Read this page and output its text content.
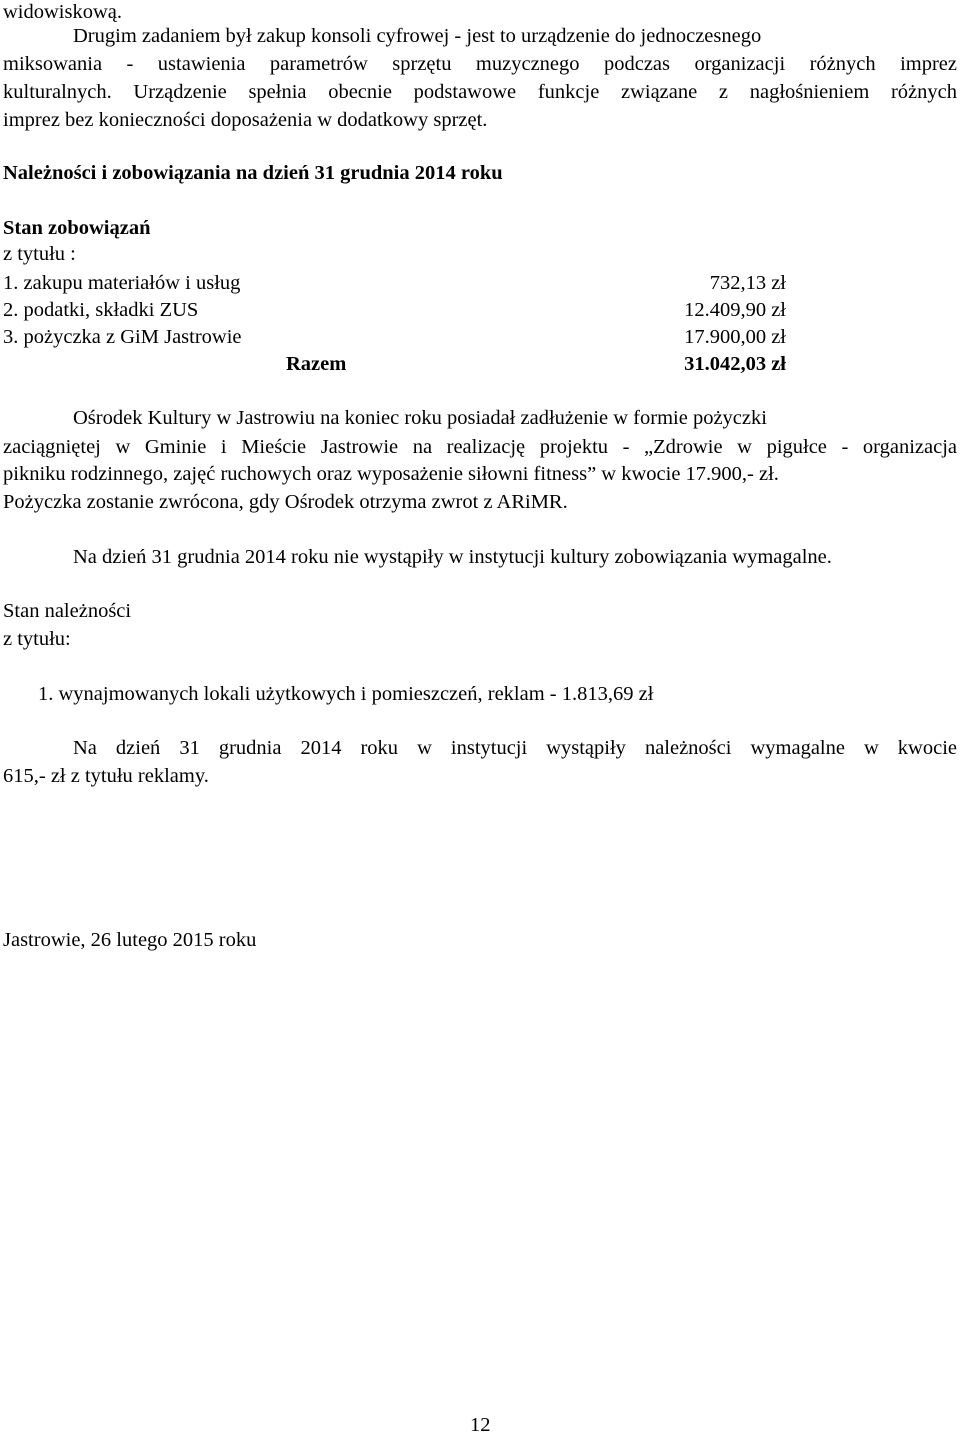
widowiskową.
Drugim zadaniem był zakup konsoli cyfrowej - jest to urządzenie do jednoczesnego
miksowania - ustawienia parametrów sprzętu muzycznego podczas organizacji różnych imprez
kulturalnych. Urządzenie spełnia obecnie podstawowe funkcje związane z nagłośnieniem różnych
imprez bez konieczności doposażenia w dodatkowy sprzęt.
Należności i zobowiązania na dzień 31 grudnia 2014 roku
Stan zobowiązań
z tytułu :
1. zakupu materiałów i usług	732,13 zł
2. podatki, składki ZUS	12.409,90 zł
3. pożyczka z GiM Jastrowie	17.900,00 zł
Razem	31.042,03 zł
Ośrodek Kultury w Jastrowiu na koniec roku posiadał zadłużenie w formie pożyczki
zaciągniętej w Gminie i Mieście Jastrowie na realizację projektu - „Zdrowie w pigułce - organizacja
pikniku rodzinnego, zajęć ruchowych oraz wyposażenie siłowni fitness” w kwocie 17.900,- zł.
Pożyczka zostanie zwrócona, gdy Ośrodek otrzyma zwrot z ARiMR.
Na dzień 31 grudnia 2014 roku nie wystąpiły w instytucji kultury zobowiązania wymagalne.
Stan należności
z tytułu:
1. wynajmowanych lokali użytkowych i pomieszczeń, reklam - 1.813,69 zł
Na dzień 31 grudnia 2014 roku w instytucji wystąpiły należności wymagalne w kwocie
615,- zł z tytułu reklamy.
Jastrowie, 26 lutego 2015 roku
12
